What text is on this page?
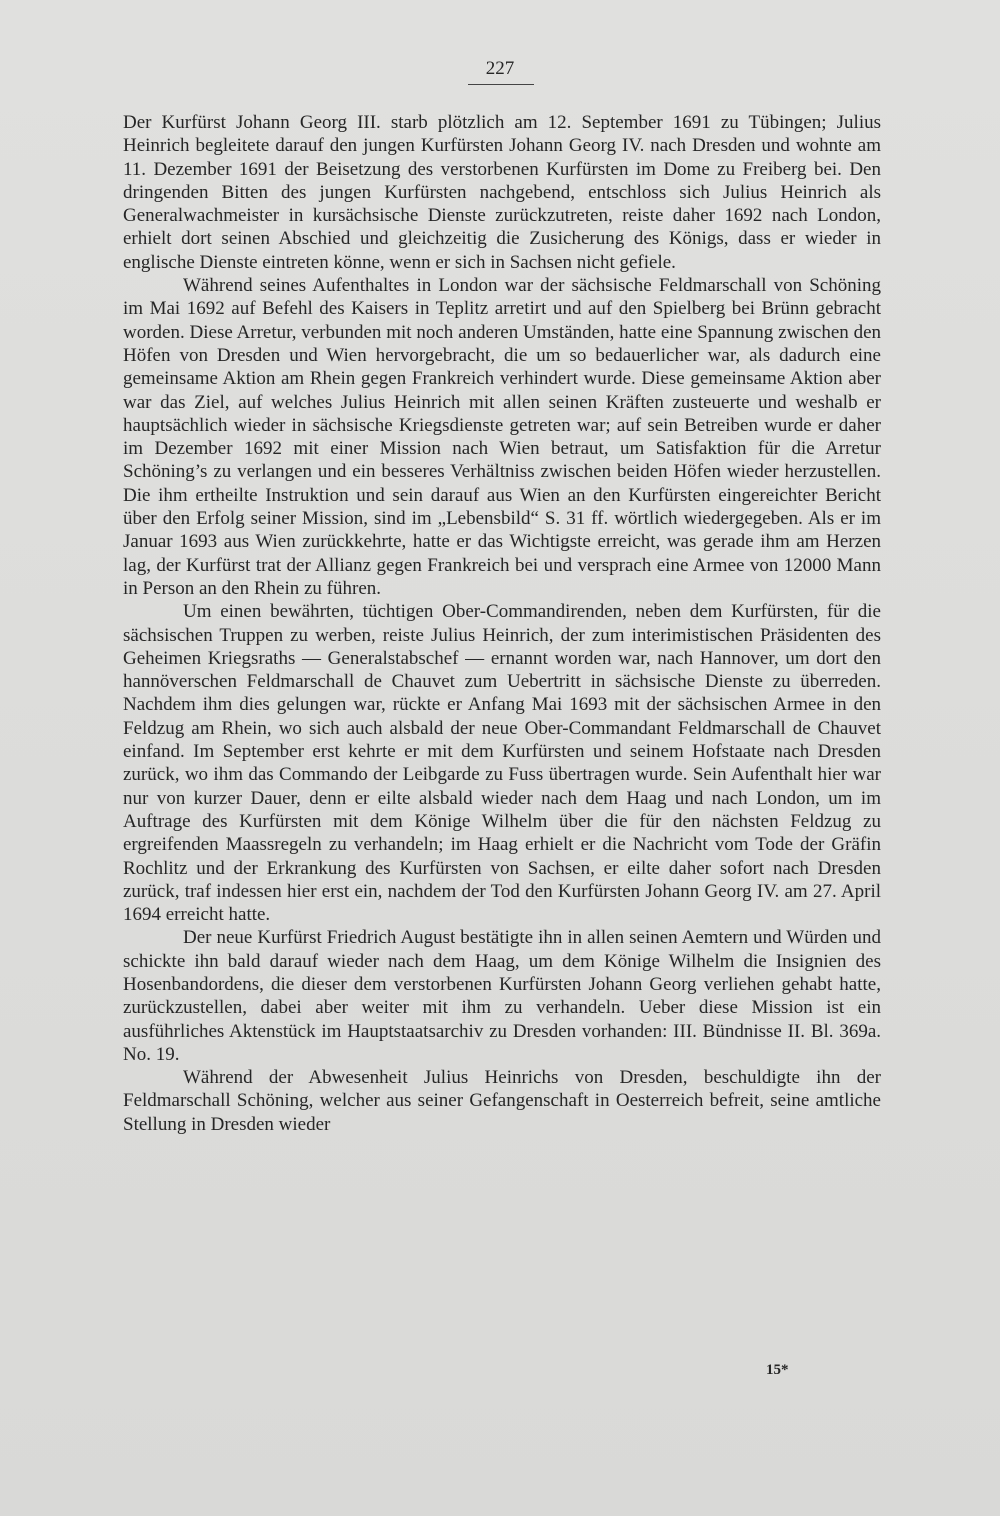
227

Der Kurfürst Johann Georg III. starb plötzlich am 12. September 1691 zu Tübingen; Julius Heinrich begleitete darauf den jungen Kurfürsten Johann Georg IV. nach Dresden und wohnte am 11. Dezember 1691 der Beisetzung des verstorbenen Kurfürsten im Dome zu Freiberg bei. Den dringenden Bitten des jungen Kurfürsten nachgebend, entschloss sich Julius Heinrich als Generalwachmeister in kursächsische Dienste zurückzutreten, reiste daher 1692 nach London, erhielt dort seinen Abschied und gleichzeitig die Zusicherung des Königs, dass er wieder in englische Dienste eintreten könne, wenn er sich in Sachsen nicht gefiele.

Während seines Aufenthaltes in London war der sächsische Feldmarschall von Schöning im Mai 1692 auf Befehl des Kaisers in Teplitz arretirt und auf den Spielberg bei Brünn gebracht worden. Diese Arretur, verbunden mit noch anderen Umständen, hatte eine Spannung zwischen den Höfen von Dresden und Wien hervorgebracht, die um so bedauerlicher war, als dadurch eine gemeinsame Aktion am Rhein gegen Frankreich verhindert wurde. Diese gemeinsame Aktion aber war das Ziel, auf welches Julius Heinrich mit allen seinen Kräften zusteuerte und weshalb er hauptsächlich wieder in sächsische Kriegsdienste getreten war; auf sein Betreiben wurde er daher im Dezember 1692 mit einer Mission nach Wien betraut, um Satisfaktion für die Arretur Schöning’s zu verlangen und ein besseres Verhältniss zwischen beiden Höfen wieder herzustellen. Die ihm ertheilte Instruktion und sein darauf aus Wien an den Kurfürsten eingereichter Bericht über den Erfolg seiner Mission, sind im „Lebensbild“ S. 31 ff. wörtlich wiedergegeben. Als er im Januar 1693 aus Wien zurückkehrte, hatte er das Wichtigste erreicht, was gerade ihm am Herzen lag, der Kurfürst trat der Allianz gegen Frankreich bei und versprach eine Armee von 12000 Mann in Person an den Rhein zu führen.

Um einen bewährten, tüchtigen Ober-Commandirenden, neben dem Kurfürsten, für die sächsischen Truppen zu werben, reiste Julius Heinrich, der zum interimistischen Präsidenten des Geheimen Kriegsraths — Generalstabschef — ernannt worden war, nach Hannover, um dort den hannöverschen Feldmarschall de Chauvet zum Uebertritt in sächsische Dienste zu überreden. Nachdem ihm dies gelungen war, rückte er Anfang Mai 1693 mit der sächsischen Armee in den Feldzug am Rhein, wo sich auch alsbald der neue Ober-Commandant Feldmarschall de Chauvet einfand. Im September erst kehrte er mit dem Kurfürsten und seinem Hofstaate nach Dresden zurück, wo ihm das Commando der Leibgarde zu Fuss übertragen wurde. Sein Aufenthalt hier war nur von kurzer Dauer, denn er eilte alsbald wieder nach dem Haag und nach London, um im Auftrage des Kurfürsten mit dem Könige Wilhelm über die für den nächsten Feldzug zu ergreifenden Maassregeln zu verhandeln; im Haag erhielt er die Nachricht vom Tode der Gräfin Rochlitz und der Erkrankung des Kurfürsten von Sachsen, er eilte daher sofort nach Dresden zurück, traf indessen hier erst ein, nachdem der Tod den Kurfürsten Johann Georg IV. am 27. April 1694 erreicht hatte.

Der neue Kurfürst Friedrich August bestätigte ihn in allen seinen Aemtern und Würden und schickte ihn bald darauf wieder nach dem Haag, um dem Könige Wilhelm die Insignien des Hosenbandordens, die dieser dem verstorbenen Kurfürsten Johann Georg verliehen gehabt hatte, zurückzustellen, dabei aber weiter mit ihm zu verhandeln. Ueber diese Mission ist ein ausführliches Aktenstück im Hauptstaatsarchiv zu Dresden vorhanden: III. Bündnisse II. Bl. 369a. No. 19.

Während der Abwesenheit Julius Heinrichs von Dresden, beschuldigte ihn der Feldmarschall Schöning, welcher aus seiner Gefangenschaft in Oesterreich befreit, seine amtliche Stellung in Dresden wieder

15*
